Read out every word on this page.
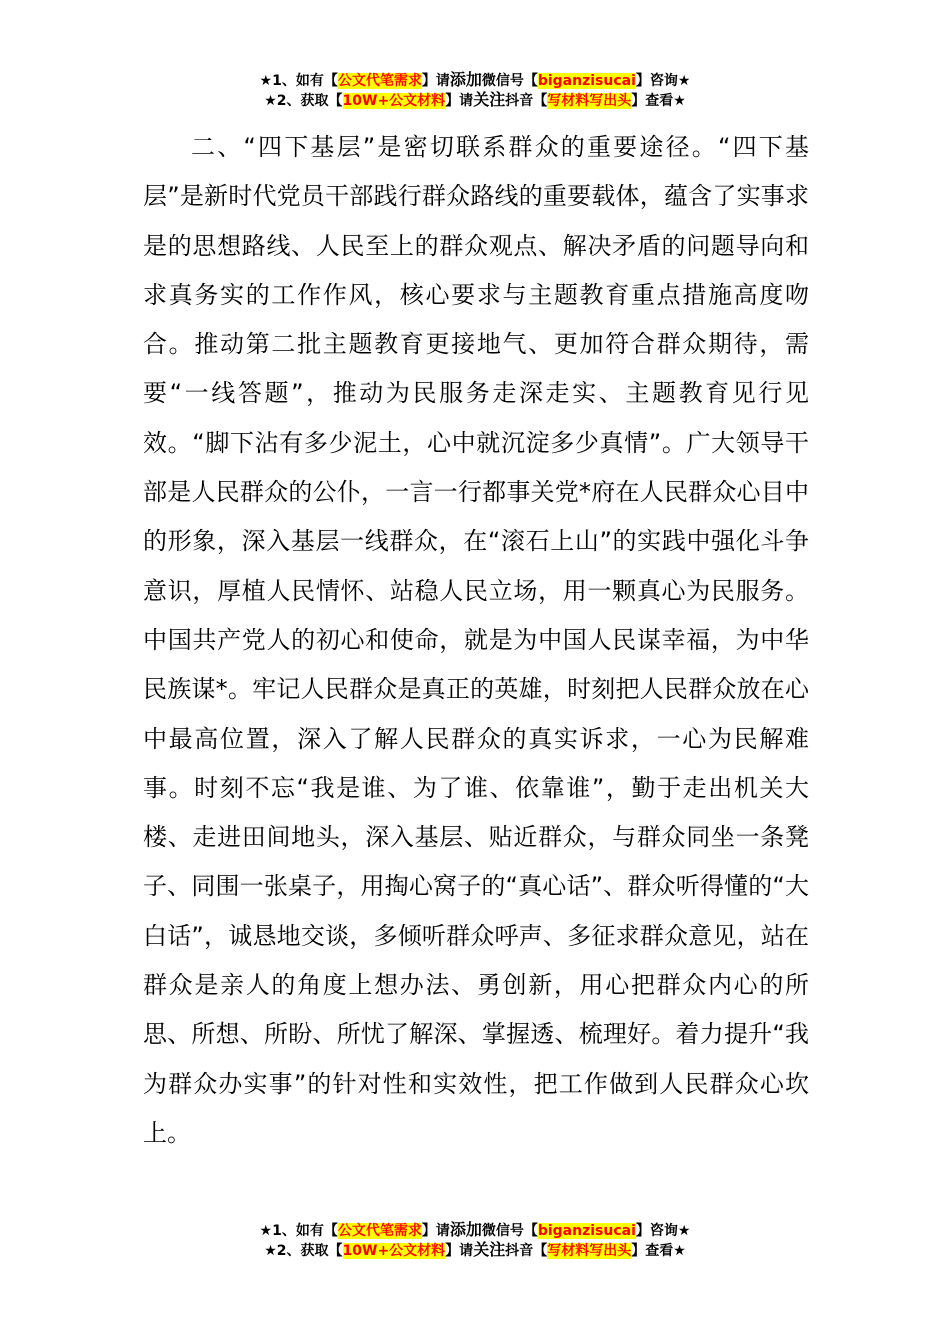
★1、如有【公文代笔需求】请添加微信号【biganzisucai】咨询★
★2、获取【10W+公文材料】请关注抖音【写材料写出头】查看★

二、“四下基层”是密切联系群众的重要途径。“四下基层”是新时代党员干部践行群众路线的重要载体，蕴含了实事求是的思想路线、人民至上的群众观点、解决矛盾的问题导向和求真务实的工作作风，核心要求与主题教育重点措施高度吻合。推动第二批主题教育更接地气、更加符合群众期待，需要“一线答题”，推动为民服务走深走实、主题教育见行见效。“脚下沾有多少泥土，心中就沉淀多少真情”。广大领导干部是人民群众的公仆，一言一行都事关党*府在人民群众心目中的形象，深入基层一线群众，在“滚石上山”的实践中强化斗争意识，厚植人民情怀、站稳人民立场，用一颗真心为民服务。中国共产党人的初心和使命，就是为中国人民谋幸福，为中华民族谋*。牢记人民群众是真正的英雄，时刻把人民群众放在心中最高位置，深入了解人民群众的真实诉求，一心为民解难事。时刻不忘“我是谁、为了谁、依靠谁”，勤于走出机关大楼、走进田间地头，深入基层、贴近群众，与群众同坐一条凳子、同围一张桌子，用掏心窝子的“真心话”、群众听得懂的“大白话”，诚恳地交谈，多倾听群众呼声、多征求群众意见，站在群众是亲人的角度上想办法、勇创新，用心把群众内心的所思、所想、所盼、所忧了解深、掌握透、梳理好。着力提升“我为群众办实事”的针对性和实效性，把工作做到人民群众心坎上。

★1、如有【公文代笔需求】请添加微信号【biganzisucai】咨询★
★2、获取【10W+公文材料】请关注抖音【写材料写出头】查看★
